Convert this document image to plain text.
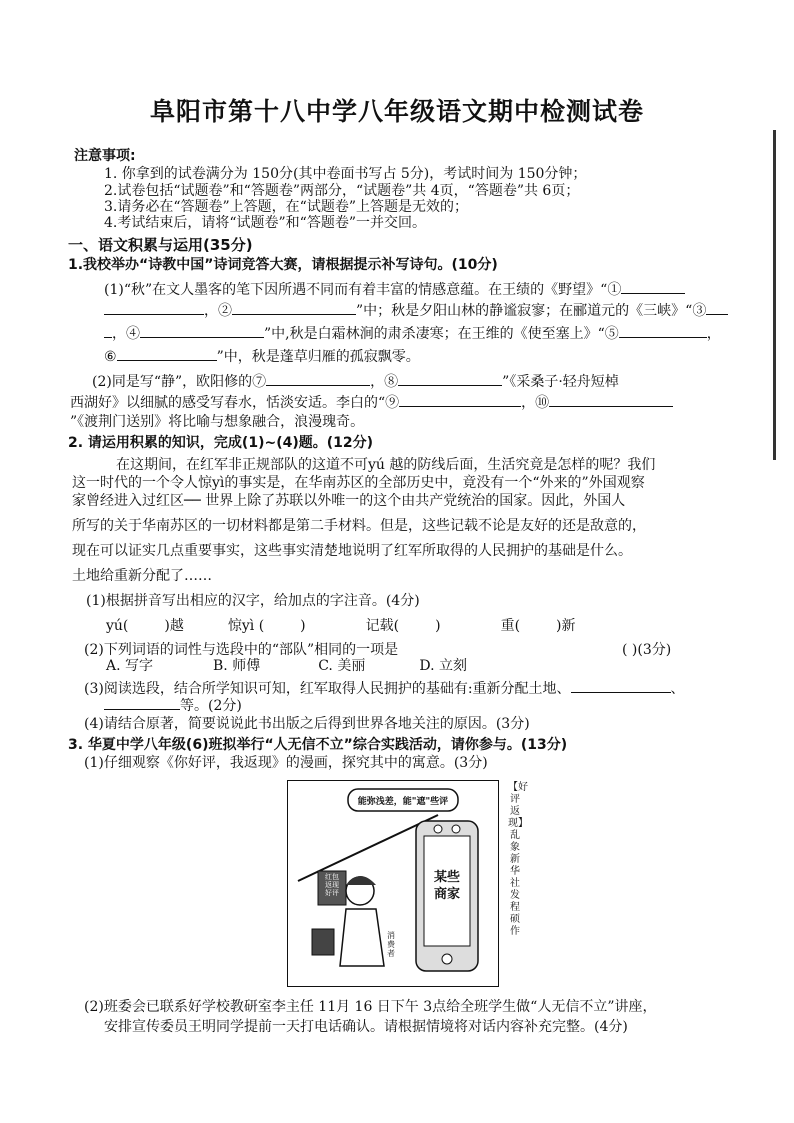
阜阳市第十八中学八年级语文期中检测试卷
注意事项:
1. 你拿到的试卷满分为 150分(其中卷面书写占 5分)，考试时间为 150分钟；
2.试卷包括“试题卷”和“答题卷”两部分，“试题卷”共 4页，“答题卷”共 6页；
3.请务必在“答题卷”上答题，在“试题卷”上答题是无效的；
4.考试结束后，请将“试题卷”和“答题卷”一并交回。
一、语文积累与运用(35分)
1.我校举办“诗教中国”诗词竞答大赛，请根据提示补写诗句。(10分)
(1)“秋”在文人墨客的笔下因所遇不同而有着丰富的情感意蕴。在王绩的《野望》“①
，②	”中；秋是夕阳山林的静谧寂寥；在郦道元的《三峡》“③
，④	”中,秋是白霜林涧的肃杀凄寒；在王维的《使至塞上》“⑤	，
⑥	”中，秋是蓬草归雁的孤寂飘零。
(2)同是写“静”，欧阳修的⑦	，⑧	”《采桑子·轻舟短棹
西湖好》以细腻的感受写春水，恬淡安适。李白的“⑨	，⑩
”《渡荆门送别》将比喻与想象融合，浪漫瑰奇。
2. 请运用积累的知识，完成(1)~(4)题。(12分)
在这期间，在红军非正规部队的这道不可yú 越的防线后面，生活究竟是怎样的呢？我们
这一时代的一个令人惊yì的事实是，在华南苏区的全部历史中，竟没有一个“外来的”外国观察
家曾经进入过红区── 世界上除了苏联以外唯一的这个由共产党统治的国家。因此，外国人
所写的关于华南苏区的一切材料都是第二手材料。但是，这些记载不论是友好的还是敌意的，
现在可以证实几点重要事实，这些事实清楚地说明了红军所取得的人民拥护的基础是什么。
土地给重新分配了……
(1)根据拼音写出相应的汉字，给加点的字注音。(4分)
yú(	)越	惊yì (	)	记载(	)	重(	)新
(2)下列词语的词性与选段中的“部队”相同的一项是	( )(3分)
A. 写字	B. 师傅	C. 美丽	D. 立刻
(3)阅读选段，结合所学知识可知，红军取得人民拥护的基础有:重新分配土地、	、
等。(2分)
(4)请结合原著，简要说说此书出版之后得到世界各地关注的原因。(3分)
3. 华夏中学八年级(6)班拟举行“人无信不立”综合实践活动，请你参与。(13分)
(1)仔细观察《你好评，我返现》的漫画，探究其中的寓意。(3分)
能弥浅差，能"遮"些评
红包返现好评
某些商家
消费者
【好评返现】乱象 新华社发 程硕 作
(2)班委会已联系好学校教研室李主任 11月 16 日下午 3点给全班学生做“人无信不立”讲座，
安排宣传委员王明同学提前一天打电话确认。请根据情境将对话内容补充完整。(4分)
